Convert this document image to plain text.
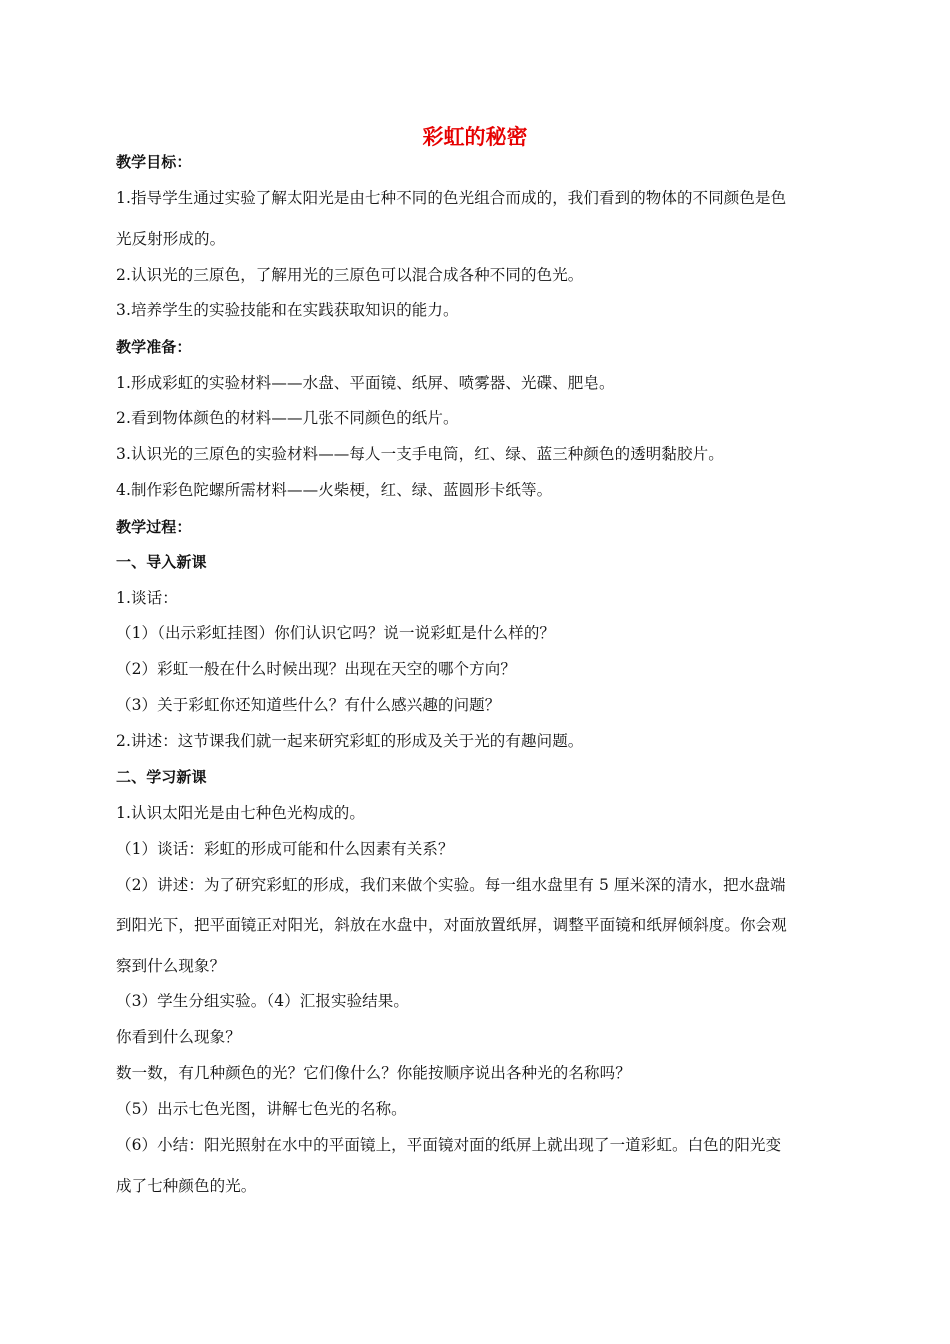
彩虹的秘密
教学目标：
1.指导学生通过实验了解太阳光是由七种不同的色光组合而成的，我们看到的物体的不同颜色是色
光反射形成的。
2.认识光的三原色，了解用光的三原色可以混合成各种不同的色光。
3.培养学生的实验技能和在实践获取知识的能力。
教学准备：
1.形成彩虹的实验材料——水盘、平面镜、纸屏、喷雾器、光碟、肥皂。
2.看到物体颜色的材料——几张不同颜色的纸片。
3.认识光的三原色的实验材料——每人一支手电筒，红、绿、蓝三种颜色的透明黏胶片。
4.制作彩色陀螺所需材料——火柴梗，红、绿、蓝圆形卡纸等。
教学过程：
一、导入新课
1.谈话：
（1）（出示彩虹挂图）你们认识它吗？说一说彩虹是什么样的？
（2）彩虹一般在什么时候出现？出现在天空的哪个方向？
（3）关于彩虹你还知道些什么？有什么感兴趣的问题？
2.讲述：这节课我们就一起来研究彩虹的形成及关于光的有趣问题。
二、学习新课
1.认识太阳光是由七种色光构成的。
（1）谈话：彩虹的形成可能和什么因素有关系？
（2）讲述：为了研究彩虹的形成，我们来做个实验。每一组水盘里有 5 厘米深的清水，把水盘端
到阳光下，把平面镜正对阳光，斜放在水盘中，对面放置纸屏，调整平面镜和纸屏倾斜度。你会观
察到什么现象？
（3）学生分组实验。（4）汇报实验结果。
你看到什么现象？
数一数，有几种颜色的光？它们像什么？你能按顺序说出各种光的名称吗？
（5）出示七色光图，讲解七色光的名称。
（6）小结：阳光照射在水中的平面镜上，平面镜对面的纸屏上就出现了一道彩虹。白色的阳光变
成了七种颜色的光。
